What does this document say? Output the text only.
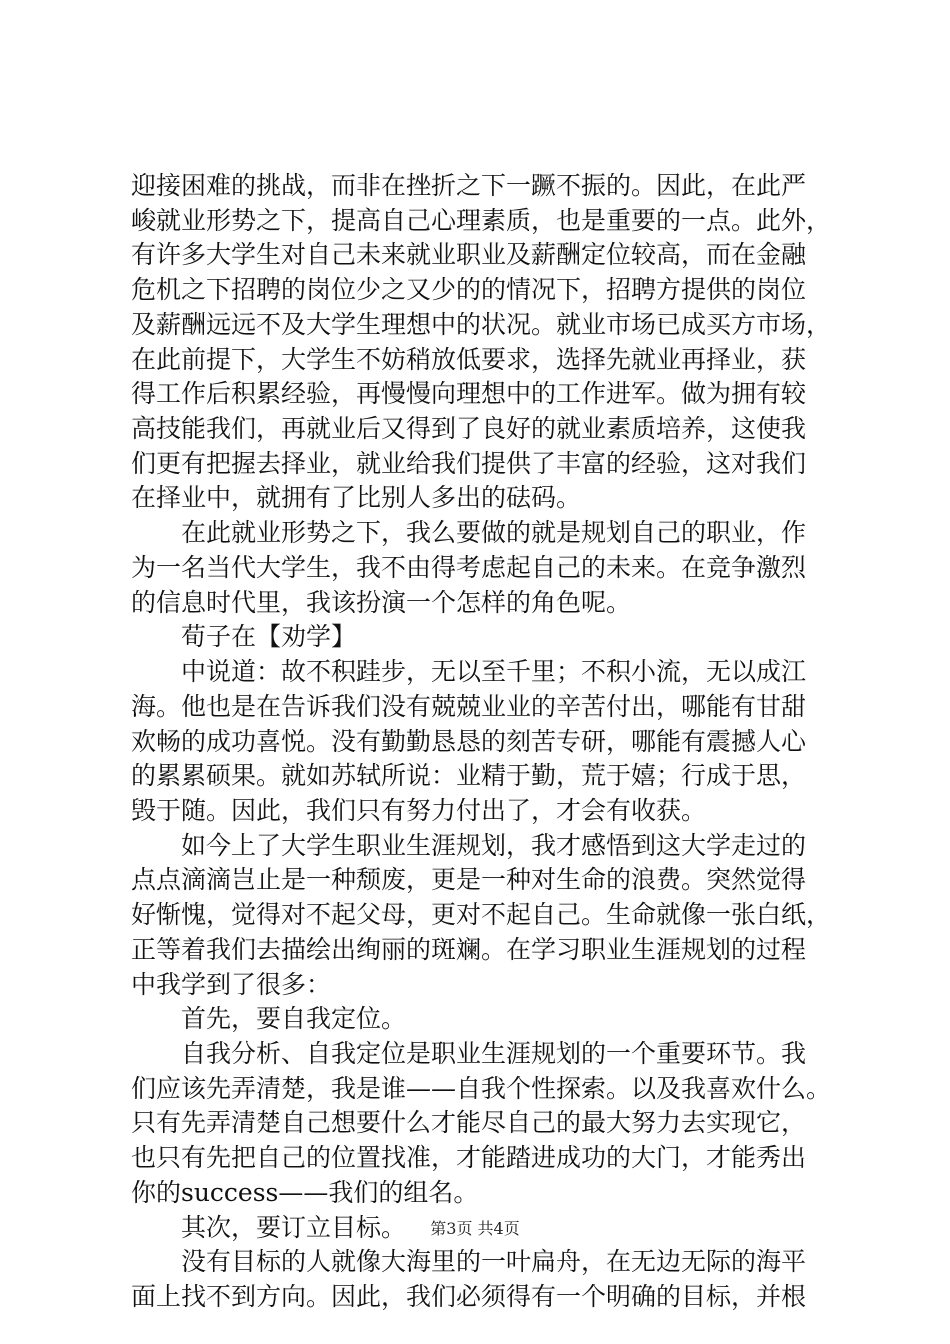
迎接困难的挑战，而非在挫折之下一蹶不振的。因此，在此严
峻就业形势之下，提高自己心理素质，也是重要的一点。此外，
有许多大学生对自己未来就业职业及薪酬定位较高，而在金融
危机之下招聘的岗位少之又少的的情况下，招聘方提供的岗位
及薪酬远远不及大学生理想中的状况。就业市场已成买方市场，
在此前提下，大学生不妨稍放低要求，选择先就业再择业，获
得工作后积累经验，再慢慢向理想中的工作进军。做为拥有较
高技能我们，再就业后又得到了良好的就业素质培养，这使我
们更有把握去择业，就业给我们提供了丰富的经验，这对我们
在择业中，就拥有了比别人多出的砝码。
在此就业形势之下，我么要做的就是规划自己的职业，作
为一名当代大学生，我不由得考虑起自己的未来。在竞争激烈
的信息时代里，我该扮演一个怎样的角色呢。
荀子在【劝学】
中说道：故不积跬步，无以至千里；不积小流，无以成江
海。他也是在告诉我们没有兢兢业业的辛苦付出，哪能有甘甜
欢畅的成功喜悦。没有勤勤恳恳的刻苦专研，哪能有震撼人心
的累累硕果。就如苏轼所说：业精于勤，荒于嬉；行成于思，
毁于随。因此，我们只有努力付出了，才会有收获。
如今上了大学生职业生涯规划，我才感悟到这大学走过的
点点滴滴岂止是一种颓废，更是一种对生命的浪费。突然觉得
好惭愧，觉得对不起父母，更对不起自己。生命就像一张白纸，
正等着我们去描绘出绚丽的斑斓。在学习职业生涯规划的过程
中我学到了很多：
首先，要自我定位。
自我分析、自我定位是职业生涯规划的一个重要环节。我
们应该先弄清楚，我是谁——自我个性探索。以及我喜欢什么。
只有先弄清楚自己想要什么才能尽自己的最大努力去实现它，
也只有先把自己的位置找准，才能踏进成功的大门，才能秀出
你的success——我们的组名。
其次，要订立目标。
没有目标的人就像大海里的一叶扁舟，在无边无际的海平
面上找不到方向。因此，我们必须得有一个明确的目标，并根
第3页 共4页
